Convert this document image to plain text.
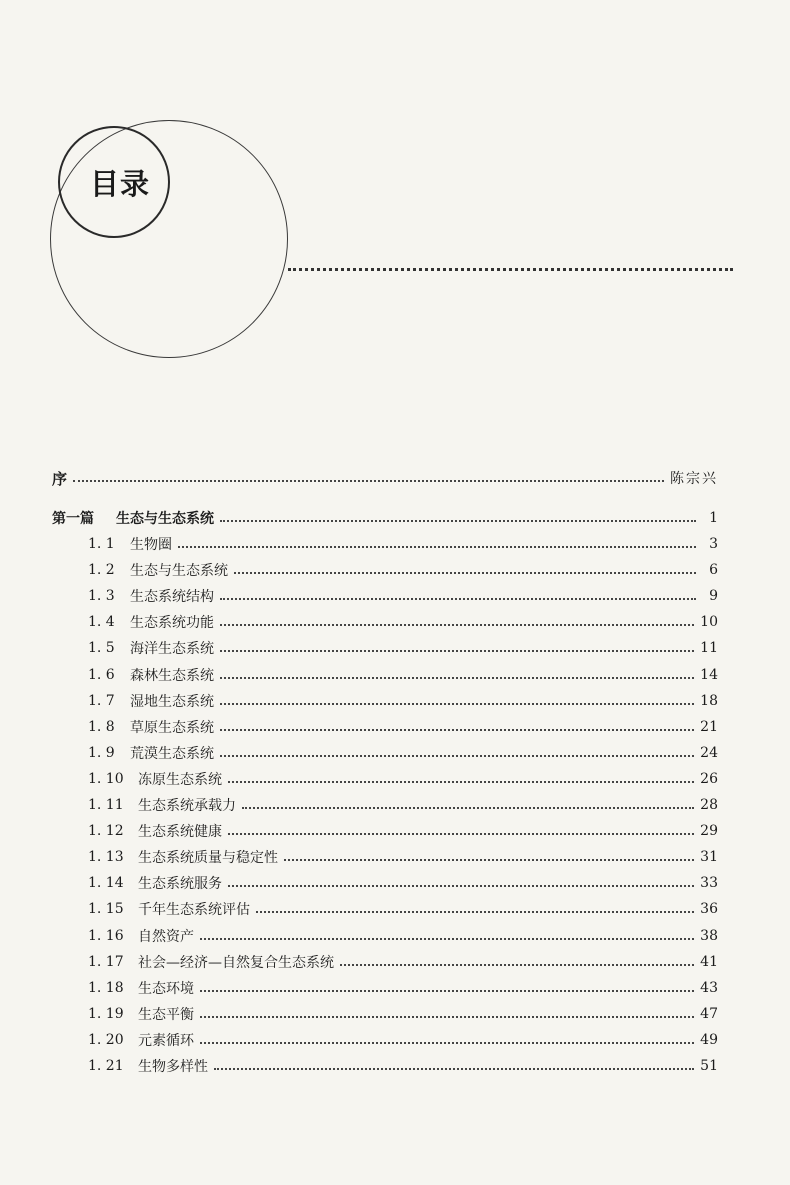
目录
序	陈宗兴
第一篇	生态与生态系统	1
1. 1	生物圈	3
1. 2	生态与生态系统	6
1. 3	生态系统结构	9
1. 4	生态系统功能	10
1. 5	海洋生态系统	11
1. 6	森林生态系统	14
1. 7	湿地生态系统	18
1. 8	草原生态系统	21
1. 9	荒漠生态系统	24
1. 10	冻原生态系统	26
1. 11	生态系统承载力	28
1. 12	生态系统健康	29
1. 13	生态系统质量与稳定性	31
1. 14	生态系统服务	33
1. 15	千年生态系统评估	36
1. 16	自然资产	38
1. 17	社会—经济—自然复合生态系统	41
1. 18	生态环境	43
1. 19	生态平衡	47
1. 20	元素循环	49
1. 21	生物多样性	51
